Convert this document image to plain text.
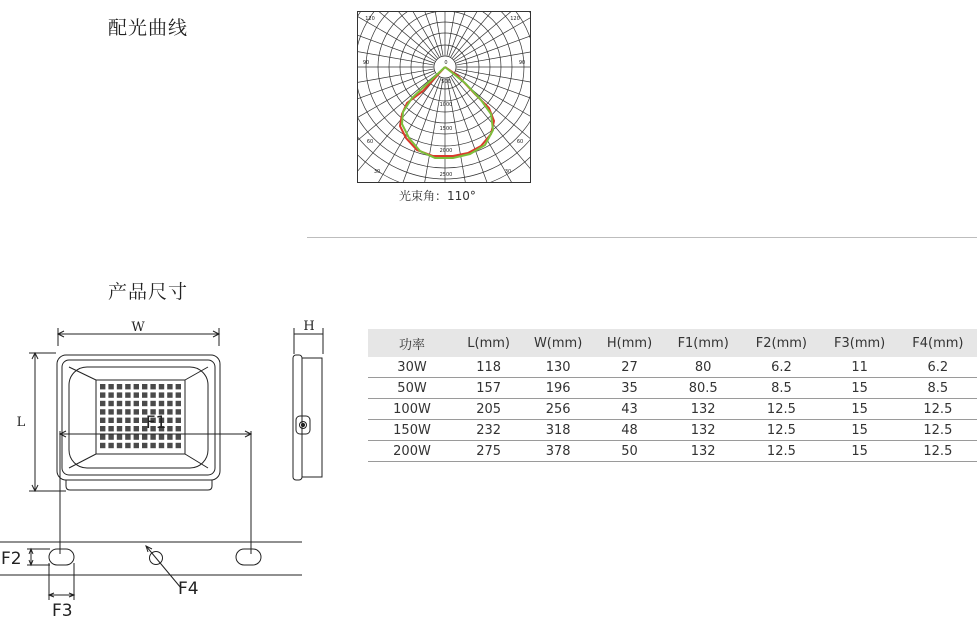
配光曲线	120	120
90	90
60	60
30	30
0
500
1000
1500
2000
2500
光束角：110°
产品尺寸
W
L
H
F1
F2
F3
F4
功率	L(mm)	W(mm)	H(mm)	F1(mm)	F2(mm)	F3(mm)	F4(mm)
30W	118	130	27	80	6.2	11	6.2
50W	157	196	35	80.5	8.5	15	8.5
100W	205	256	43	132	12.5	15	12.5
150W	232	318	48	132	12.5	15	12.5
200W	275	378	50	132	12.5	15	12.5
